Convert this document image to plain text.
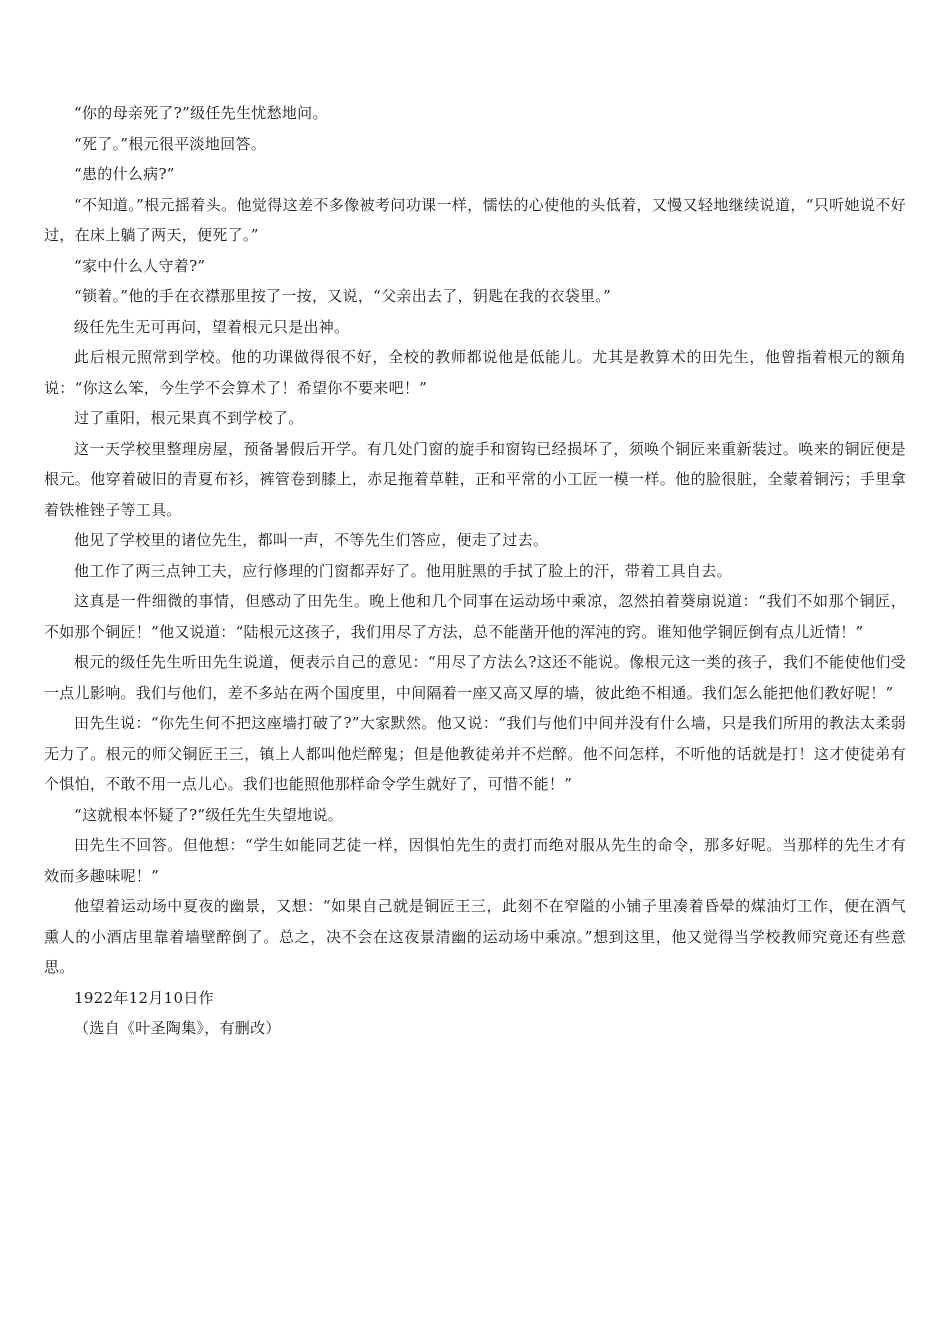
“你的母亲死了?”级任先生忧愁地问。

“死了。”根元很平淡地回答。

“患的什么病?”

“不知道。”根元摇着头。他觉得这差不多像被考问功课一样，懦怯的心使他的头低着，又慢又轻地继续说道，“只听她说不好过，在床上躺了两天，便死了。”

“家中什么人守着?”

“锁着。”他的手在衣襟那里按了一按，又说，“父亲出去了，钥匙在我的衣袋里。”

级任先生无可再问，望着根元只是出神。

此后根元照常到学校。他的功课做得很不好，全校的教师都说他是低能儿。尤其是教算术的田先生，他曾指着根元的额角说：“你这么笨，今生学不会算术了！希望你不要来吧！”

过了重阳，根元果真不到学校了。

这一天学校里整理房屋，预备暑假后开学。有几处门窗的旋手和窗钩已经损坏了，须唤个铜匠来重新装过。唤来的铜匠便是根元。他穿着破旧的青夏布衫，裤管卷到膝上，赤足拖着草鞋，正和平常的小工匠一模一样。他的脸很脏，全蒙着铜污；手里拿着铁椎锉子等工具。

他见了学校里的诸位先生，都叫一声，不等先生们答应，便走了过去。

他工作了两三点钟工夫，应行修理的门窗都弄好了。他用脏黑的手拭了脸上的汗，带着工具自去。

这真是一件细微的事情，但感动了田先生。晚上他和几个同事在运动场中乘凉，忽然拍着葵扇说道：“我们不如那个铜匠，不如那个铜匠！”他又说道：“陆根元这孩子，我们用尽了方法，总不能凿开他的浑沌的窍。谁知他学铜匠倒有点儿近情！”

根元的级任先生听田先生说道，便表示自己的意见：“用尽了方法么?这还不能说。像根元这一类的孩子，我们不能使他们受一点儿影响。我们与他们，差不多站在两个国度里，中间隔着一座又高又厚的墙，彼此绝不相通。我们怎么能把他们教好呢！”

田先生说：“你先生何不把这座墙打破了?”大家默然。他又说：“我们与他们中间并没有什么墙，只是我们所用的教法太柔弱无力了。根元的师父铜匠王三，镇上人都叫他烂醉鬼；但是他教徒弟并不烂醉。他不问怎样，不听他的话就是打！这才使徒弟有个惧怕，不敢不用一点儿心。我们也能照他那样命令学生就好了，可惜不能！”

“这就根本怀疑了?”级任先生失望地说。

田先生不回答。但他想：“学生如能同艺徒一样，因惧怕先生的责打而绝对服从先生的命令，那多好呢。当那样的先生才有效而多趣味呢！”

他望着运动场中夏夜的幽景，又想：“如果自己就是铜匠王三，此刻不在窄隘的小铺子里凑着昏晕的煤油灯工作，便在酒气熏人的小酒店里靠着墙壁醉倒了。总之，决不会在这夜景清幽的运动场中乘凉。”想到这里，他又觉得当学校教师究竟还有些意思。

1922年12月10日作

（选自《叶圣陶集》，有删改）
